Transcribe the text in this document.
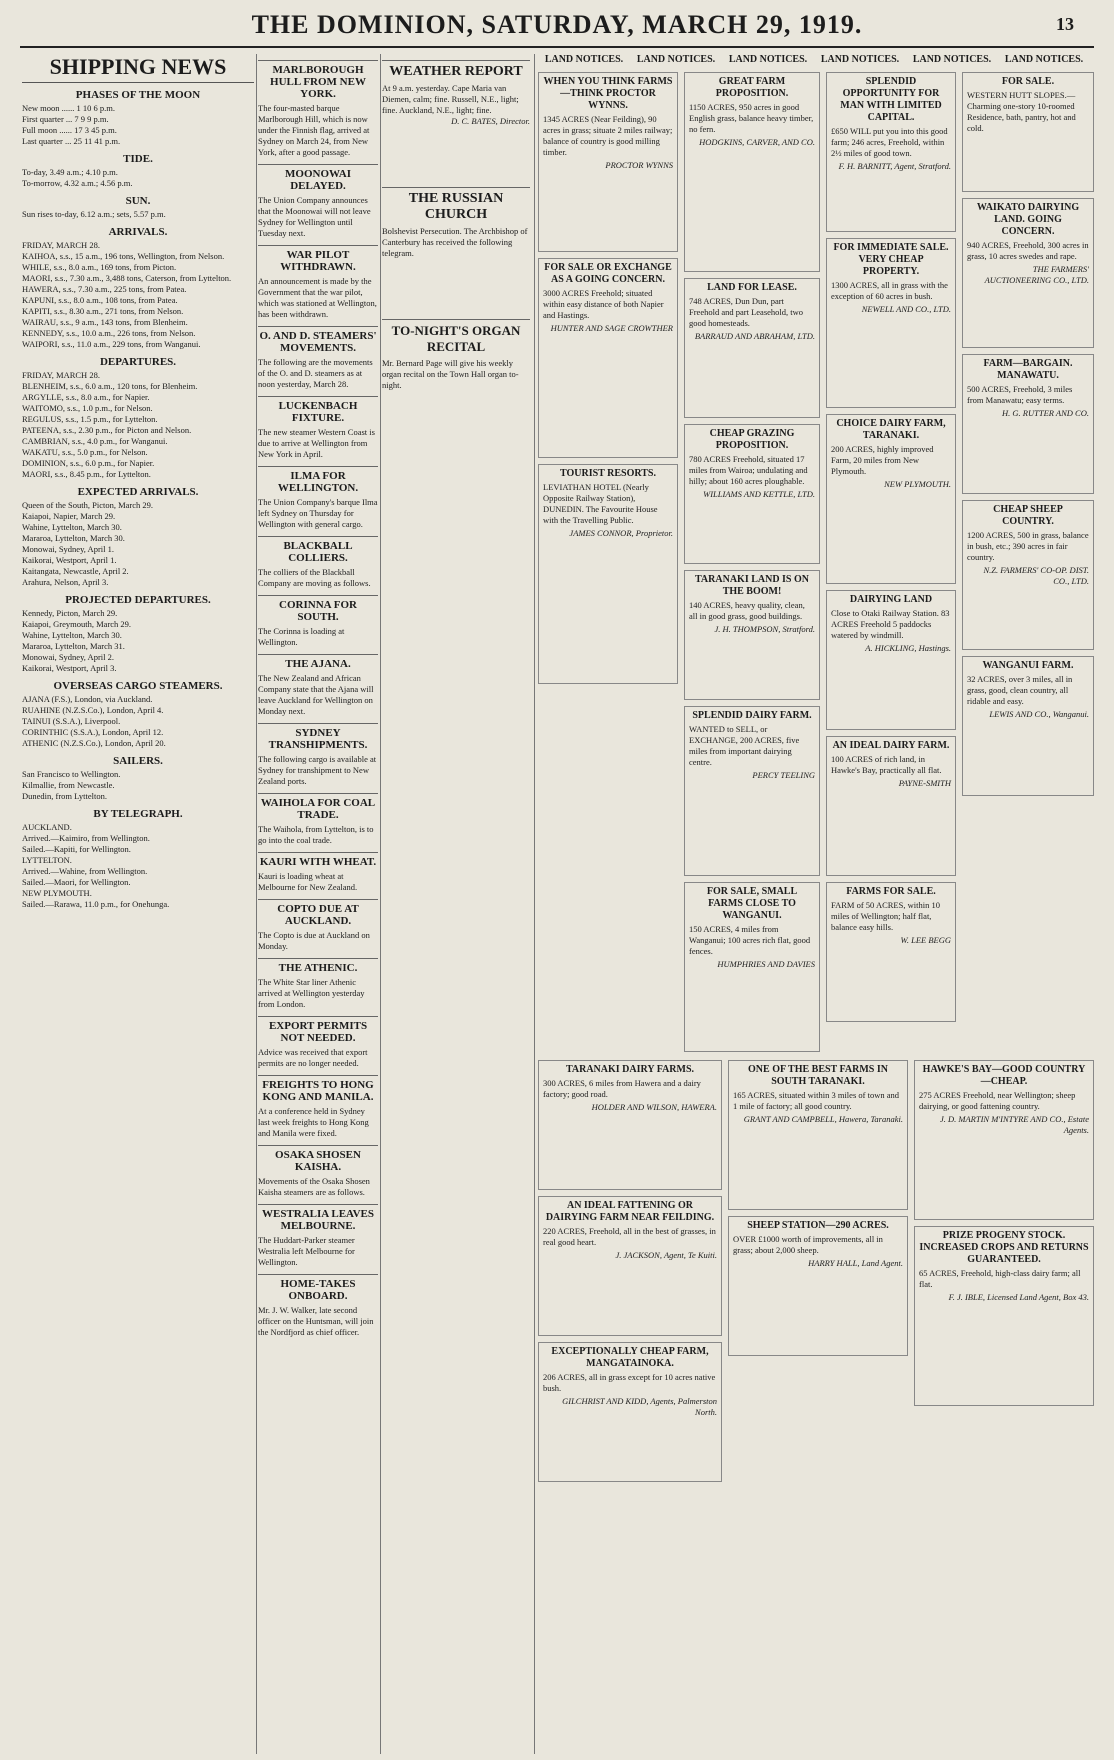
THE DOMINION, SATURDAY, MARCH 29, 1919.	13
SHIPPING NEWS
PHASES OF THE MOON
New moon ...... 1 10 6 p.m.
First quarter ... 7 9 9 p.m.
Full moon ...... 17 3 45 p.m.
Last quarter ... 25 11 41 p.m.
TIDE.
To-day, 3.49 a.m.; 4.10 p.m.
To-morrow, 4.32 a.m.; 4.56 p.m.
SUN.
Sun rises to-day, 6.12 a.m.; sets, 5.57 p.m.
ARRIVALS.
FRIDAY, MARCH 28.
KAIHOA, s.s., 15 a.m., 196 tons, Wellington, from Nelson.
WHILE, s.s., 8.0 a.m., 169 tons, from Picton.
MAORI, s.s., 7.30 a.m., 3,488 tons, Caterson, from Lyttelton.
HAWERA, s.s., 7.30 a.m., 225 tons, from Patea.
KAPUNI, s.s., 8.0 a.m., 108 tons, from Patea.
KAPITI, s.s., 8.30 a.m., 271 tons, from Nelson.
WAIRAU, s.s., 9 a.m., 143 tons, from Blenheim.
KENNEDY, s.s., 10.0 a.m., 226 tons, from Nelson.
WAIPORI, s.s., 11.0 a.m., 229 tons, from Wanganui.
DEPARTURES.
FRIDAY, MARCH 28.
BLENHEIM, s.s., 6.0 a.m., 120 tons, for Blenheim.
ARGYLLE, s.s., 8.0 a.m., for Napier.
WAITOMO, s.s., 1.0 p.m., for Nelson.
REGULUS, s.s., 1.5 p.m., for Lyttelton.
PATEENA, s.s., 2.30 p.m., for Picton and Nelson.
CAMBRIAN, s.s., 4.0 p.m., for Wanganui.
WAKATU, s.s., 5.0 p.m., for Nelson.
DOMINION, s.s., 6.0 p.m., for Napier.
MAORI, s.s., 8.45 p.m., for Lyttelton.
EXPECTED ARRIVALS.
Queen of the South, Picton, March 29.
Kaiapoi, Napier, March 29.
Wahine, Lyttelton, March 30.
Mararoa, Lyttelton, March 30.
Monowai, Sydney, April 1.
Kaikorai, Westport, April 1.
Kaitangata, Newcastle, April 2.
Arahura, Nelson, April 3.
PROJECTED DEPARTURES.
Kennedy, Picton, March 29.
Kaiapoi, Greymouth, March 29.
Wahine, Lyttelton, March 30.
Mararoa, Lyttelton, March 31.
Monowai, Sydney, April 2.
Kaikorai, Westport, April 3.
OVERSEAS CARGO STEAMERS.
AJANA (F.S.), London, via Auckland.
RUAHINE (N.Z.S.Co.), London, April 4.
TAINUI (S.S.A.), Liverpool.
CORINTHIC (S.S.A.), London, April 12.
ATHENIC (N.Z.S.Co.), London, April 20.
SAILERS.
San Francisco to Wellington.
Kilmallie, from Newcastle.
Dunedin, from Lyttelton.
BY TELEGRAPH.
AUCKLAND.
Arrived.—Kaimiro, from Wellington.
Sailed.—Kapiti, for Wellington.
LYTTELTON.
Arrived.—Wahine, from Wellington.
Sailed.—Maori, for Wellington.
NEW PLYMOUTH.
Sailed.—Rarawa, 11.0 p.m., for Onehunga.
MARLBOROUGH HULL FROM NEW YORK.
The four-masted barque Marlborough Hill, which is now under the Finnish flag, arrived at Sydney on March 24, from New York, after a good passage.
MOONOWAI DELAYED.
The Union Company announces that the Moonowai will not leave Sydney for Wellington until Tuesday next.
WAR PILOT WITHDRAWN.
An announcement is made by the Government that the war pilot, which was stationed at Wellington, has been withdrawn.
O. AND D. STEAMERS' MOVEMENTS.
The following are the movements of the O. and D. steamers as at noon yesterday, March 28.
LUCKENBACH FIXTURE.
The new steamer Western Coast is due to arrive at Wellington from New York in April.
ILMA FOR WELLINGTON.
The Union Company's barque Ilma left Sydney on Thursday for Wellington with general cargo.
BLACKBALL COLLIERS.
The colliers of the Blackball Company are moving as follows.
CORINNA FOR SOUTH.
The Corinna is loading at Wellington.
THE AJANA.
The New Zealand and African Company state that the Ajana will leave Auckland for Wellington on Monday next.
SYDNEY TRANSHIPMENTS.
The following cargo is available at Sydney for transhipment to New Zealand ports.
WAIHOLA FOR COAL TRADE.
The Waihola, from Lyttelton, is to go into the coal trade.
KAURI WITH WHEAT.
Kauri is loading wheat at Melbourne for New Zealand.
COPTO DUE AT AUCKLAND.
The Copto is due at Auckland on Monday.
THE ATHENIC.
The White Star liner Athenic arrived at Wellington yesterday from London.
EXPORT PERMITS NOT NEEDED.
Advice was received that export permits are no longer needed.
FREIGHTS TO HONG KONG AND MANILA.
At a conference held in Sydney last week freights to Hong Kong and Manila were fixed.
OSAKA SHOSEN KAISHA.
Movements of the Osaka Shosen Kaisha steamers are as follows.
WESTRALIA LEAVES MELBOURNE.
The Huddart-Parker steamer Westralia left Melbourne for Wellington.
HOME-TAKES ONBOARD.
Mr. J. W. Walker, late second officer on the Huntsman, will join the Nordfjord as chief officer.
WEATHER REPORT
At 9 a.m. yesterday. Cape Maria van Diemen, calm; fine. Russell, N.E., light; fine. Auckland, N.E., light; fine.
D. C. BATES, Director.
THE RUSSIAN CHURCH
Bolshevist Persecution. The Archbishop of Canterbury has received the following telegram.
TO-NIGHT'S ORGAN RECITAL
Mr. Bernard Page will give his weekly organ recital on the Town Hall organ to-night.
LAND NOTICES.	LAND NOTICES.	LAND NOTICES.	LAND NOTICES.	LAND NOTICES.	LAND NOTICES.
WHEN YOU THINK FARMS—THINK PROCTOR WYNNS.
1345 ACRES (Near Feilding), 90 acres in grass; situate 2 miles railway; balance of country is good milling timber.
PROCTOR WYNNS
FOR SALE OR EXCHANGE AS A GOING CONCERN.
3000 ACRES Freehold; situated within easy distance of both Napier and Hastings.
HUNTER AND SAGE CROWTHER
TOURIST RESORTS.
LEVIATHAN HOTEL (Nearly Opposite Railway Station), DUNEDIN. The Favourite House with the Travelling Public.
JAMES CONNOR, Proprietor.
GREAT FARM PROPOSITION.
1150 ACRES, 950 acres in good English grass, balance heavy timber, no fern.
HODGKINS, CARVER, AND CO.
LAND FOR LEASE.
748 ACRES, Dun Dun, part Freehold and part Leasehold, two good homesteads.
BARRAUD AND ABRAHAM, LTD.
CHEAP GRAZING PROPOSITION.
780 ACRES Freehold, situated 17 miles from Wairoa; undulating and hilly; about 160 acres ploughable.
WILLIAMS AND KETTLE, LTD.
TARANAKI LAND IS ON THE BOOM!
140 ACRES, heavy quality, clean, all in good grass, good buildings.
J. H. THOMPSON, Stratford.
SPLENDID DAIRY FARM.
WANTED to SELL, or EXCHANGE, 200 ACRES, five miles from important dairying centre.
PERCY TEELING
FOR SALE, SMALL FARMS CLOSE TO WANGANUI.
150 ACRES, 4 miles from Wanganui; 100 acres rich flat, good fences.
HUMPHRIES AND DAVIES
SPLENDID OPPORTUNITY FOR MAN WITH LIMITED CAPITAL.
£650 WILL put you into this good farm; 246 acres, Freehold, within 2½ miles of good town.
F. H. BARNITT, Agent, Stratford.
FOR IMMEDIATE SALE. VERY CHEAP PROPERTY.
1300 ACRES, all in grass with the exception of 60 acres in bush.
NEWELL AND CO., LTD.
CHOICE DAIRY FARM, TARANAKI.
200 ACRES, highly improved Farm, 20 miles from New Plymouth.
NEW PLYMOUTH.
DAIRYING LAND
Close to Otaki Railway Station. 83 ACRES Freehold 5 paddocks watered by windmill.
A. HICKLING, Hastings.
AN IDEAL DAIRY FARM.
100 ACRES of rich land, in Hawke's Bay, practically all flat.
PAYNE-SMITH
FARMS FOR SALE.
FARM of 50 ACRES, within 10 miles of Wellington; half flat, balance easy hills.
W. LEE BEGG
FOR SALE.
WESTERN HUTT SLOPES.—Charming one-story 10-roomed Residence, bath, pantry, hot and cold.
WAIKATO DAIRYING LAND. GOING CONCERN.
940 ACRES, Freehold, 300 acres in grass, 10 acres swedes and rape.
THE FARMERS' AUCTIONEERING CO., LTD.
FARM—BARGAIN. MANAWATU.
500 ACRES, Freehold, 3 miles from Manawatu; easy terms.
H. G. RUTTER AND CO.
CHEAP SHEEP COUNTRY.
1200 ACRES, 500 in grass, balance in bush, etc.; 390 acres in fair country.
N.Z. FARMERS' CO-OP. DIST. CO., LTD.
WANGANUI FARM.
32 ACRES, over 3 miles, all in grass, good, clean country, all ridable and easy.
LEWIS AND CO., Wanganui.
TARANAKI DAIRY FARMS.
300 ACRES, 6 miles from Hawera and a dairy factory; good road.
HOLDER AND WILSON, HAWERA.
AN IDEAL FATTENING OR DAIRYING FARM NEAR FEILDING.
220 ACRES, Freehold, all in the best of grasses, in real good heart.
J. JACKSON, Agent, Te Kuiti.
EXCEPTIONALLY CHEAP FARM, MANGATAINOKA.
206 ACRES, all in grass except for 10 acres native bush.
GILCHRIST AND KIDD, Agents, Palmerston North.
ONE OF THE BEST FARMS IN SOUTH TARANAKI.
165 ACRES, situated within 3 miles of town and 1 mile of factory; all good country.
GRANT AND CAMPBELL, Hawera, Taranaki.
SHEEP STATION—290 ACRES.
OVER £1000 worth of improvements, all in grass; about 2,000 sheep.
HARRY HALL, Land Agent.
HAWKE'S BAY—GOOD COUNTRY—CHEAP.
275 ACRES Freehold, near Wellington; sheep dairying, or good fattening country.
J. D. MARTIN M'INTYRE AND CO., Estate Agents.
PRIZE PROGENY STOCK. INCREASED CROPS AND RETURNS GUARANTEED.
65 ACRES, Freehold, high-class dairy farm; all flat.
F. J. IBLE, Licensed Land Agent, Box 43.
